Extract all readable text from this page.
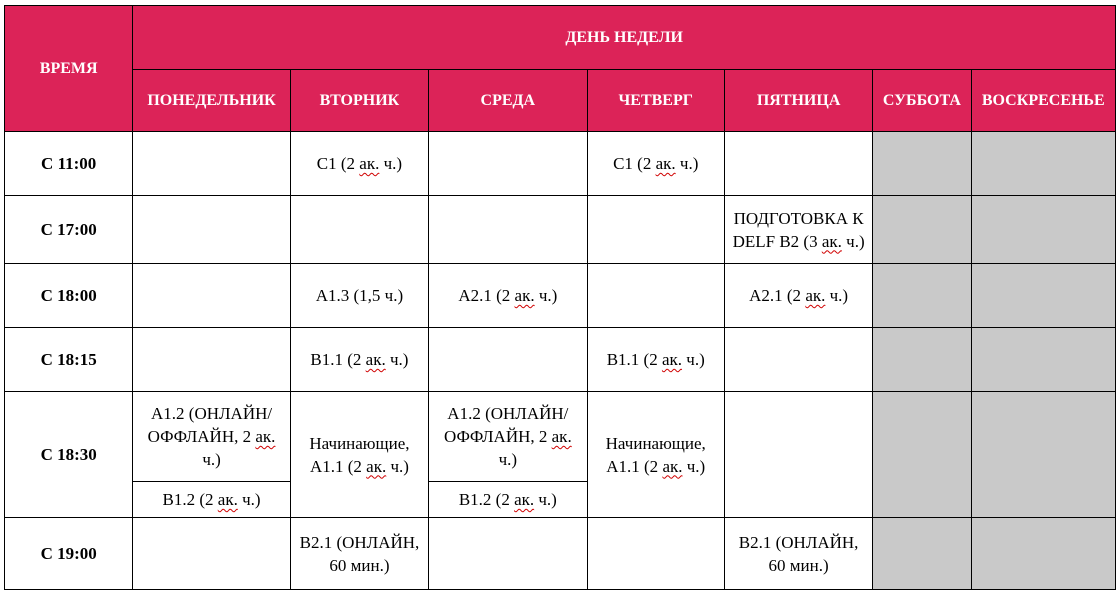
ВРЕМЯ	ДЕНЬ НЕДЕЛИ						
	ПОНЕДЕЛЬНИК	ВТОРНИК	СРЕДА	ЧЕТВЕРГ	ПЯТНИЦА	СУББОТА	ВОСКРЕСЕНЬЕ
С 11:00		C1 (2 ак. ч.)		C1 (2 ак. ч.)			
С 17:00					ПОДГОТОВКА К DELF B2 (3 ак. ч.)		
С 18:00		A1.3 (1,5 ч.)	A2.1 (2 ак. ч.)		A2.1 (2 ак. ч.)		
С 18:15		B1.1 (2 ак. ч.)		B1.1 (2 ак. ч.)			
С 18:30	A1.2 (ОНЛАЙН/ОФФЛАЙН, 2 ак. ч.)	Начинающие, A1.1 (2 ак. ч.)	A1.2 (ОНЛАЙН/ОФФЛАЙН, 2 ак. ч.)	Начинающие, A1.1 (2 ак. ч.)			
	B1.2 (2 ак. ч.)		B1.2 (2 ак. ч.)				
С 19:00		B2.1 (ОНЛАЙН, 60 мин.)			B2.1 (ОНЛАЙН, 60 мин.)		
